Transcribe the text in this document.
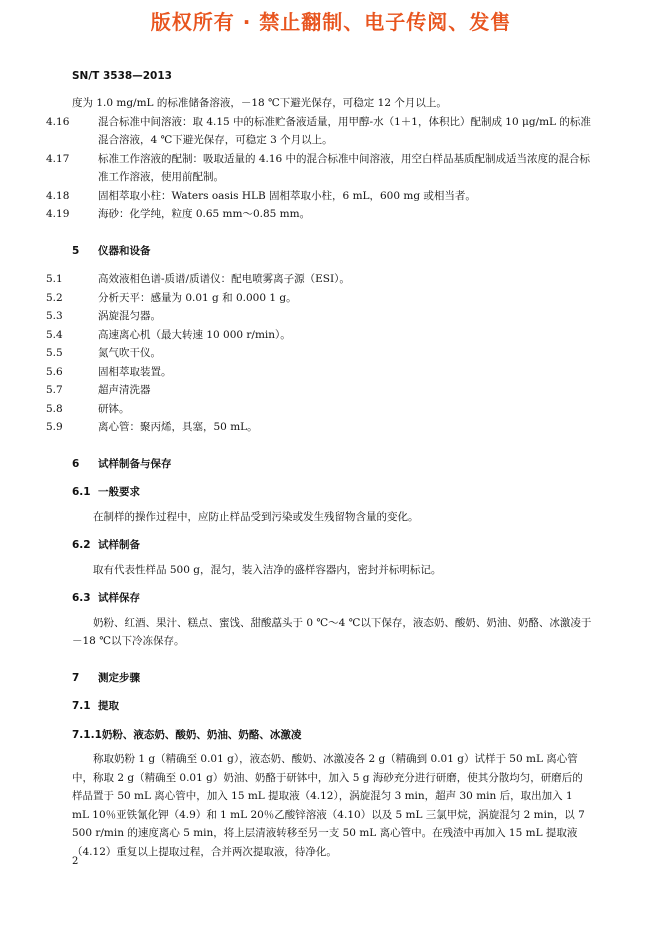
版权所有 · 禁止翻制、电子传阅、发售
SN/T 3538—2013

度为 1.0 mg/mL 的标准储备溶液，－18 ℃下避光保存，可稳定 12 个月以上。

4.16	混合标准中间溶液：取 4.15 中的标准贮备液适量，用甲醇-水（1＋1，体积比）配制成 10 μg/mL 的标准混合溶液，4 ℃下避光保存，可稳定 3 个月以上。

4.17	标准工作溶液的配制：吸取适量的 4.16 中的混合标准中间溶液，用空白样品基质配制成适当浓度的混合标准工作溶液，使用前配制。

4.18	固相萃取小柱：Waters oasis HLB 固相萃取小柱，6 mL，600 mg 或相当者。

4.19	海砂：化学纯，粒度 0.65 mm～0.85 mm。

5 仪器和设备

5.1	高效液相色谱-质谱/质谱仪：配电喷雾离子源（ESI）。

5.2	分析天平：感量为 0.01 g 和 0.000 1 g。

5.3	涡旋混匀器。

5.4	高速离心机（最大转速 10 000 r/min）。

5.5	氮气吹干仪。

5.6	固相萃取装置。

5.7	超声清洗器

5.8	研钵。

5.9	离心管：聚丙烯，具塞，50 mL。

6 试样制备与保存

6.1 一般要求

在制样的操作过程中，应防止样品受到污染或发生残留物含量的变化。

6.2 试样制备

取有代表性样品 500 g，混匀，装入洁净的盛样容器内，密封并标明标记。

6.3 试样保存

奶粉、红酒、果汁、糕点、蜜饯、甜酸藠头于 0 ℃～4 ℃以下保存，液态奶、酸奶、奶油、奶酪、冰激凌于－18 ℃以下冷冻保存。

7 测定步骤

7.1 提取

7.1.1奶粉、液态奶、酸奶、奶油、奶酪、冰激凌

称取奶粉 1 g（精确至 0.01 g），液态奶、酸奶、冰激凌各 2 g（精确到 0.01 g）试样于 50 mL 离心管中，称取 2 g（精确至 0.01 g）奶油、奶酪于研钵中，加入 5 g 海砂充分进行研磨，使其分散均匀，研磨后的样品置于 50 mL 离心管中，加入 15 mL 提取液（4.12），涡旋混匀 3 min，超声 30 min 后，取出加入 1 mL 10％亚铁氰化钾（4.9）和 1 mL 20％乙酸锌溶液（4.10）以及 5 mL 三氯甲烷，涡旋混匀 2 min，以 7 500 r/min 的速度离心 5 min，将上层清液转移至另一支 50 mL 离心管中。在残渣中再加入 15 mL 提取液（4.12）重复以上提取过程，合并两次提取液，待净化。

2
